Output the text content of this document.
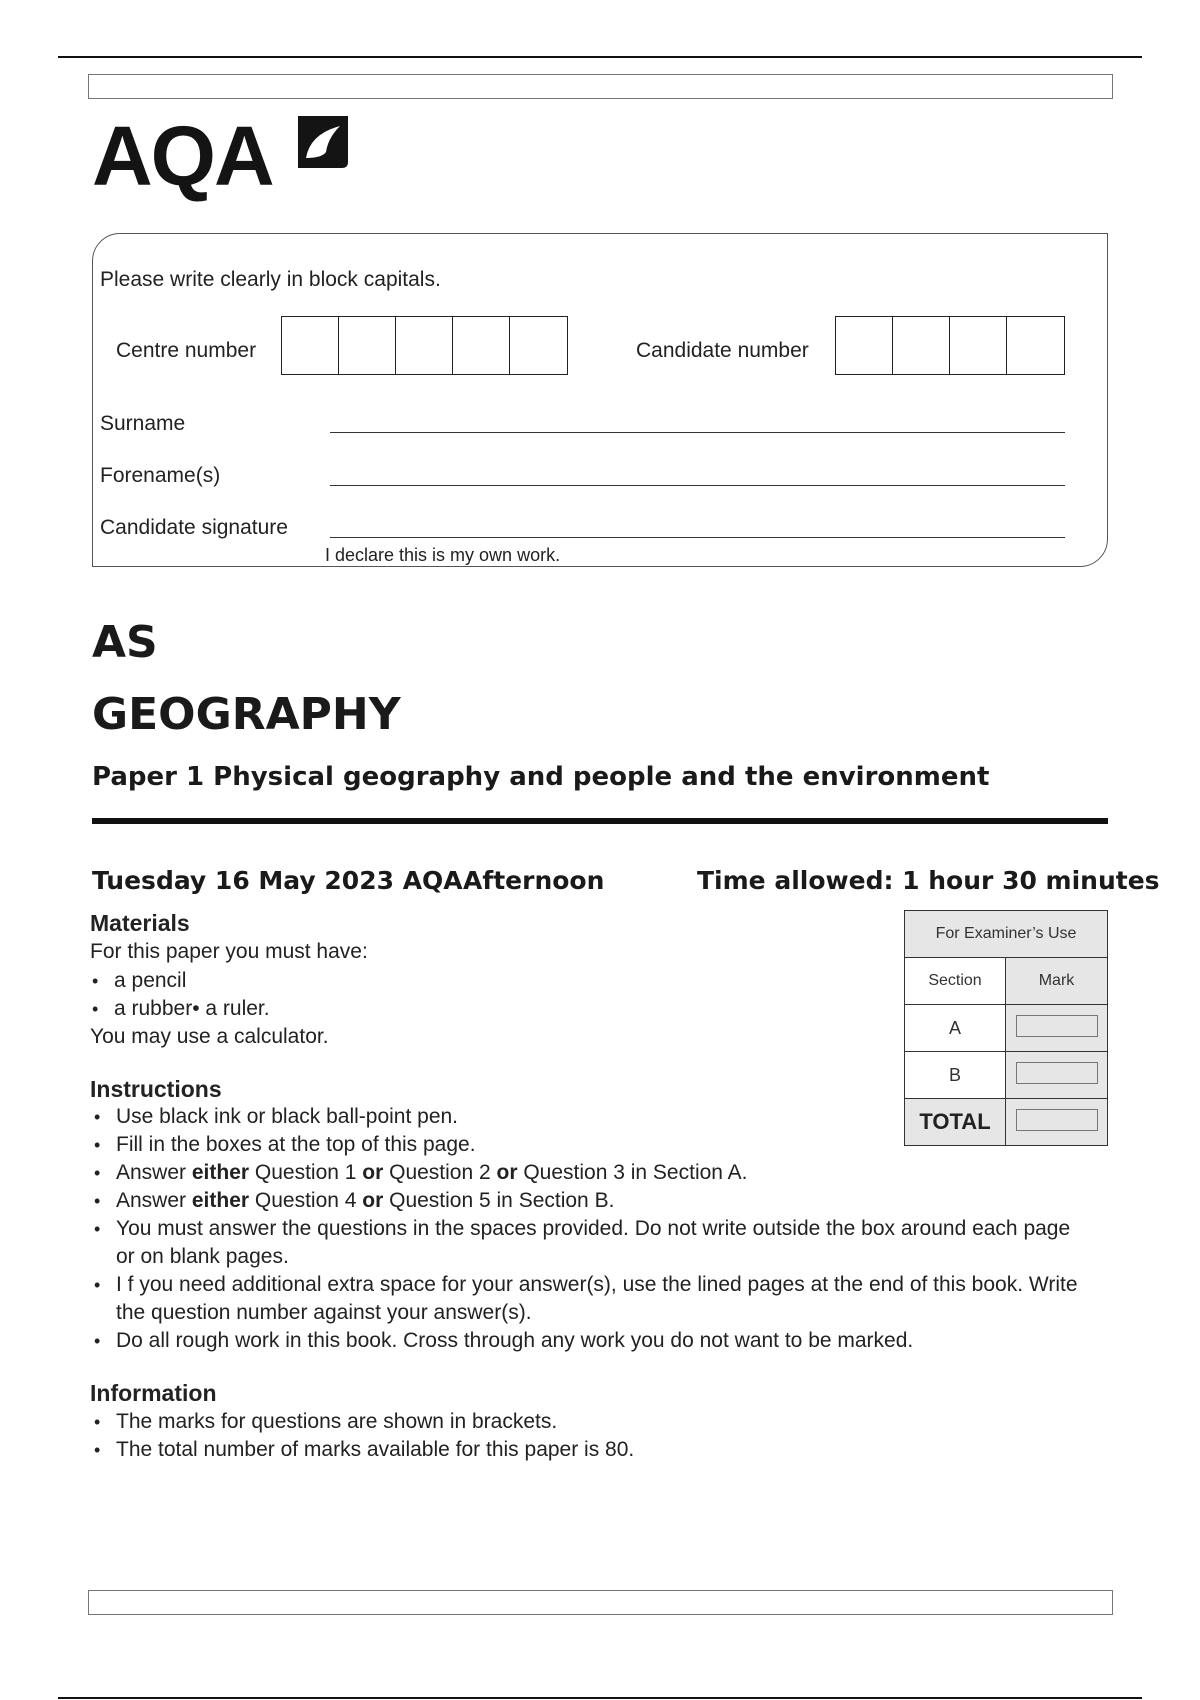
AQA
Please write clearly in block capitals.
Centre number	Candidate number
Surname
Forename(s)
Candidate signature
I declare this is my own work.
AS
GEOGRAPHY
Paper 1 Physical geography and people and the environment
Tuesday 16 May 2023 AQA Afternoon	Time allowed: 1 hour 30 minutes
Materials
For this paper you must have:
• a pencil
• a rubber• a ruler.
You may use a calculator.
Instructions
• Use black ink or black ball-point pen.
• Fill in the boxes at the top of this page.
• Answer either Question 1 or Question 2 or Question 3 in Section A.
• Answer either Question 4 or Question 5 in Section B.
• You must answer the questions in the spaces provided. Do not write outside the box around each page or on blank pages.
• I f you need additional extra space for your answer(s), use the lined pages at the end of this book. Write the question number against your answer(s).
• Do all rough work in this book. Cross through any work you do not want to be marked.
Information
• The marks for questions are shown in brackets.
• The total number of marks available for this paper is 80.
For Examiner’s Use	
Section	Mark
A	
B	
TOTAL	
